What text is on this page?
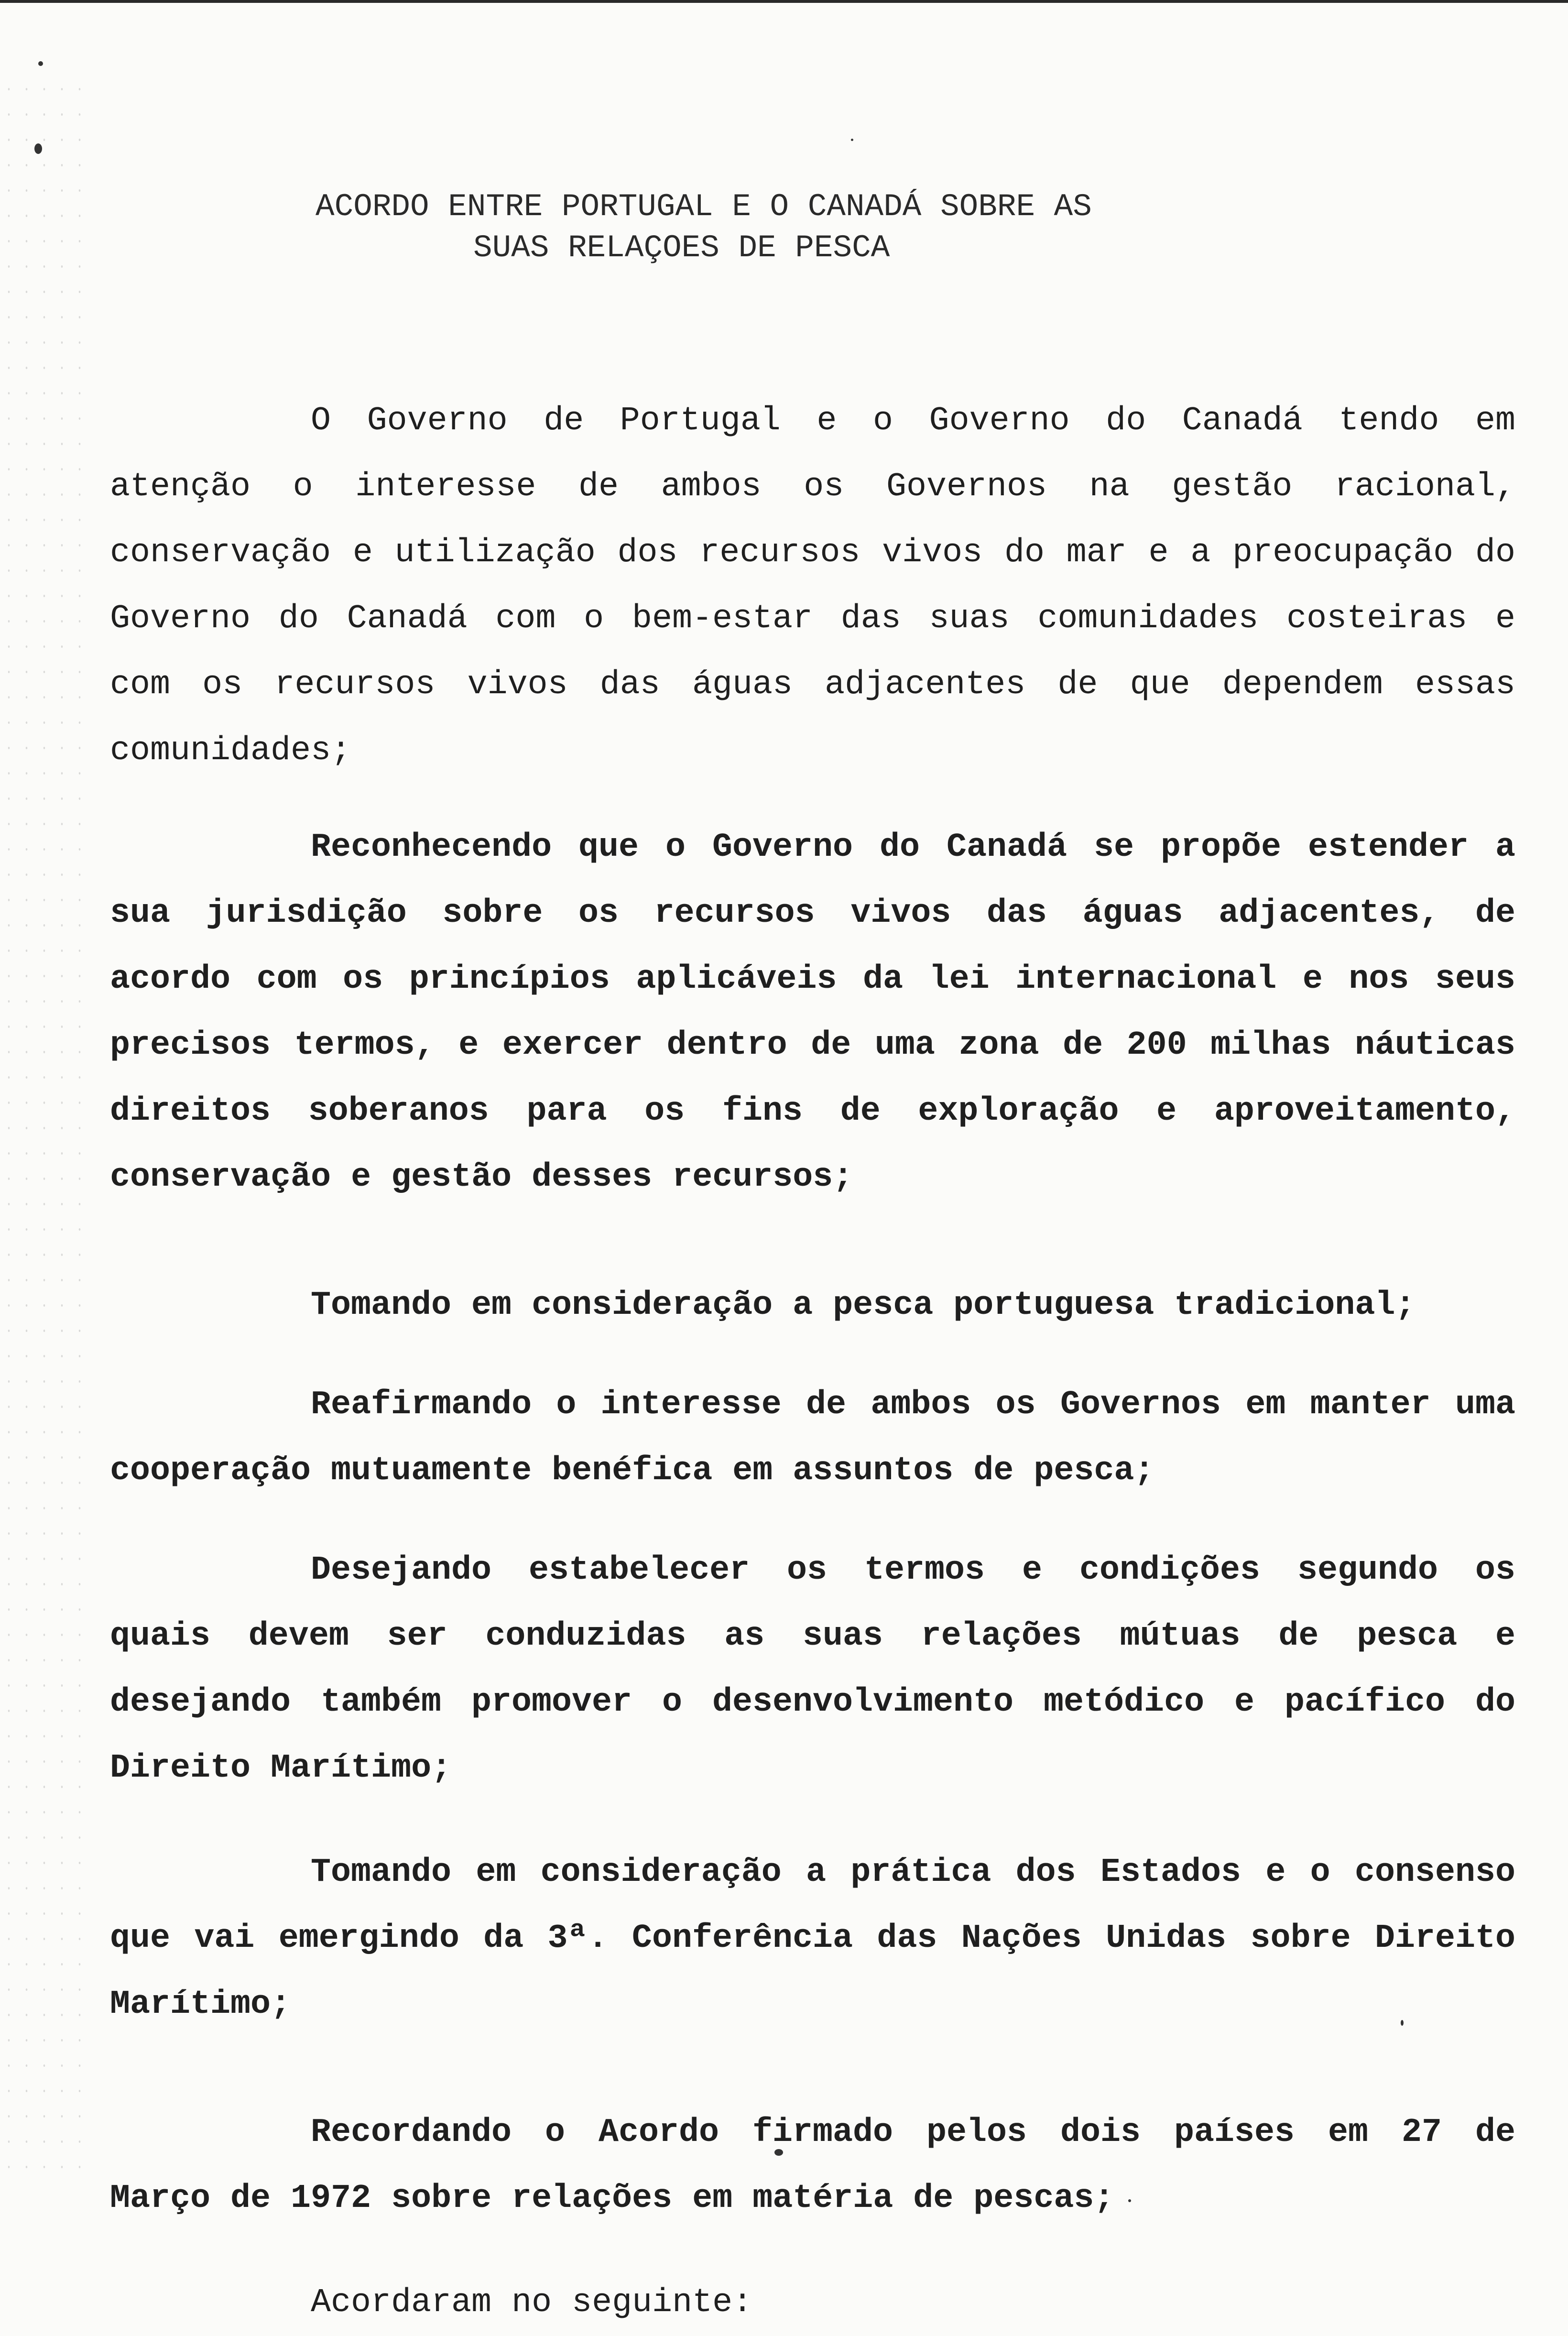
ACORDO ENTRE PORTUGAL E O CANADÁ SOBRE AS
SUAS RELAÇOES DE PESCA

O Governo de Portugal e o Governo do Canadá tendo em atenção o interesse de ambos os Governos na gestão racional, conservação e utilização dos recursos vivos do mar e a preocupação do Governo do Canadá com o bem-estar das suas comunidades costeiras e com os recursos vivos das águas adjacentes de que dependem essas comunidades;

Reconhecendo que o Governo do Canadá se propõe estender a sua jurisdição sobre os recursos vivos das águas adjacentes, de acordo com os princípios aplicáveis da lei internacional e nos seus precisos termos, e exercer dentro de uma zona de 200 milhas náuticas direitos soberanos para os fins de exploração e aproveitamento, conservação e gestão desses recursos;

Tomando em consideração a pesca portuguesa tradicional;

Reafirmando o interesse de ambos os Governos em manter uma cooperação mutuamente benéfica em assuntos de pesca;

Desejando estabelecer os termos e condições segundo os quais devem ser conduzidas as suas relações mútuas de pesca e desejando também promover o desenvolvimento metódico e pacífico do Direito Marítimo;

Tomando em consideração a prática dos Estados e o consenso que vai emergindo da 3ª. Conferência das Nações Unidas sobre Direito Marítimo;

Recordando o Acordo firmado pelos dois países em 27 de Março de 1972 sobre relações em matéria de pescas;

Acordaram no seguinte:
